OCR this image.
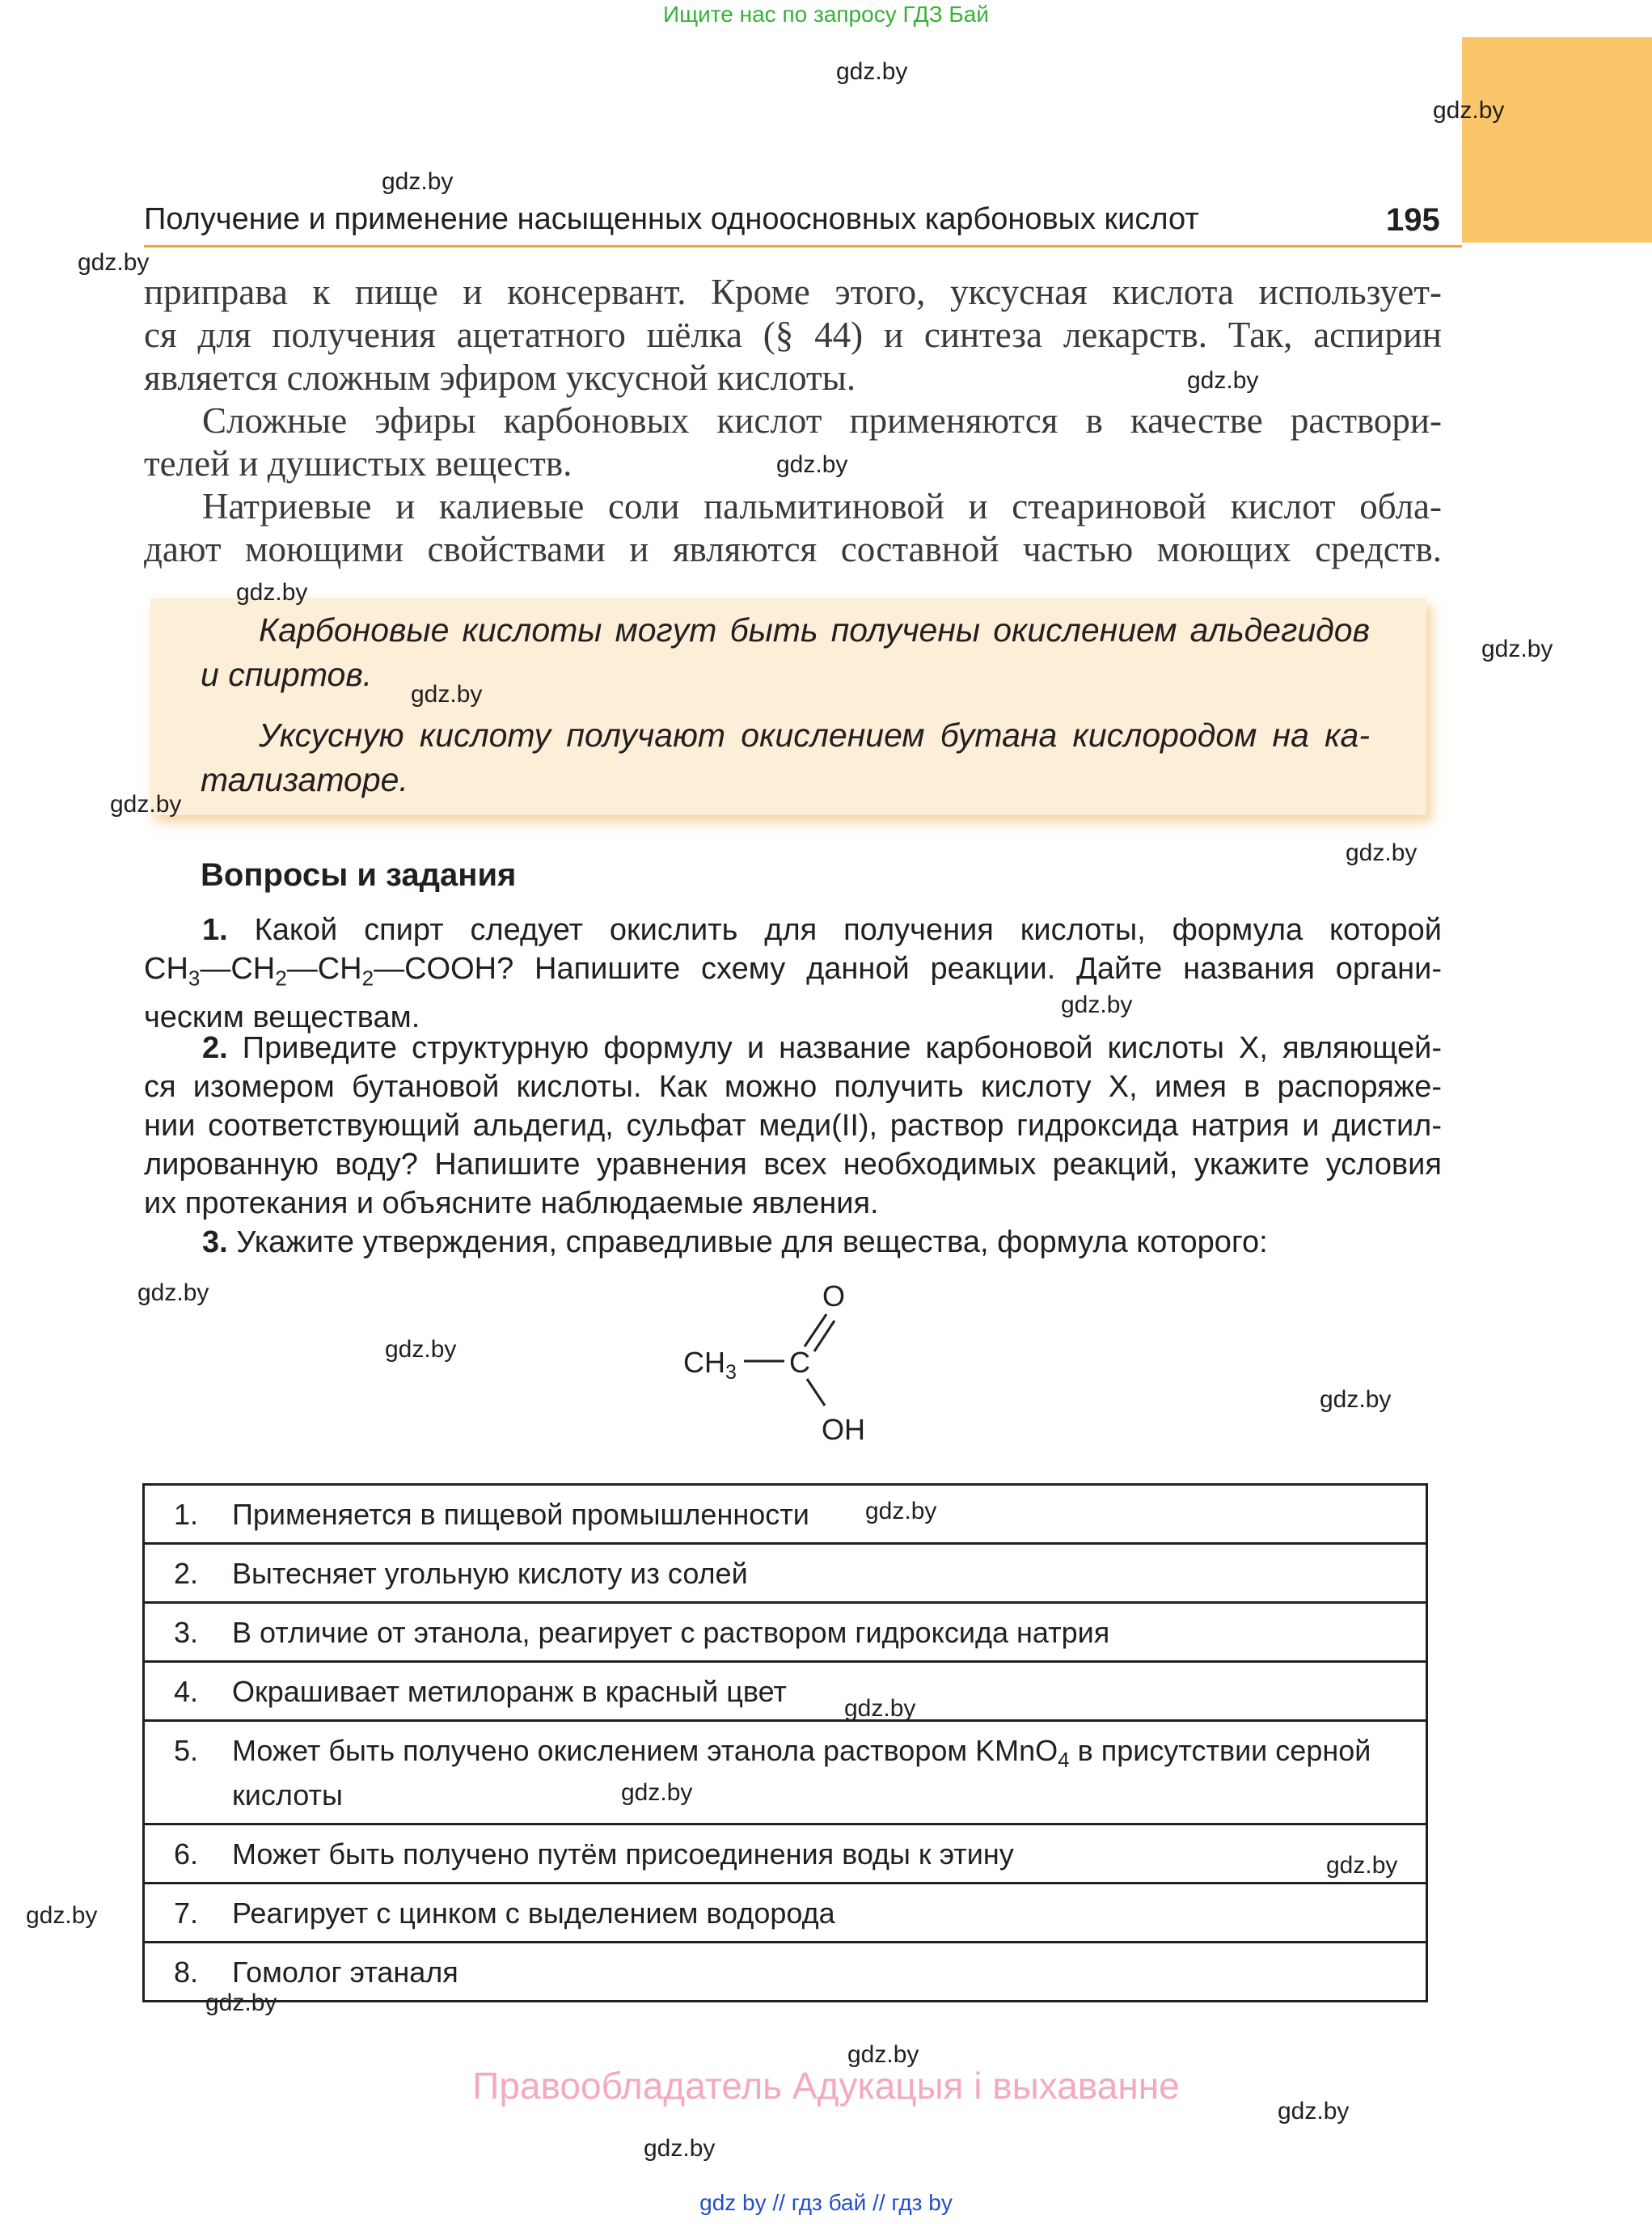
Ищите нас по запросу ГДЗ Бай
Получение и применение насыщенных одноосновных карбоновых кислот	195
приправа к пище и консервант. Кроме этого, уксусная кислота использует-
ся для получения ацетатного шёлка (§ 44) и синтеза лекарств. Так, аспирин
является сложным эфиром уксусной кислоты.
Сложные эфиры карбоновых кислот применяются в качестве раствори-
телей и душистых веществ.
Натриевые и калиевые соли пальмитиновой и стеариновой кислот обла-
дают моющими свойствами и являются составной частью моющих средств.
Карбоновые кислоты могут быть получены окислением альдегидов
и спиртов.
Уксусную кислоту получают окислением бутана кислородом на ка-
тализаторе.
Вопросы и задания
1. Какой спирт следует окислить для получения кислоты, формула которой
$CH_3—CH_2—CH_2—COOH$? Напишите схему данной реакции. Дайте названия органи-
ческим веществам.
2. Приведите структурную формулу и название карбоновой кислоты X, являющей-
ся изомером бутановой кислоты. Как можно получить кислоту X, имея в распоряже-
нии соответствующий альдегид, сульфат меди(II), раствор гидроксида натрия и дистил-
лированную воду? Напишите уравнения всех необходимых реакций, укажите условия
их протекания и объясните наблюдаемые явления.
3. Укажите утверждения, справедливые для вещества, формула которого:
$CH_3$ C
O
OH
1.	Применяется в пищевой промышленности
2.	Вытесняет угольную кислоту из солей
3.	В отличие от этанола, реагирует с раствором гидроксида натрия
4.	Окрашивает метилоранж в красный цвет
5.	Может быть получено окислением этанола раствором KMnO$_4$ в присутствии серной
кислоты
6.	Может быть получено путём присоединения воды к этину
7.	Реагирует с цинком с выделением водорода
8.	Гомолог этаналя
gdz.by
gdz.by
gdz.by
gdz.by
gdz.by
gdz.by
gdz.by
gdz.by
gdz.by
gdz.by
gdz.by
gdz.by
gdz.by
gdz.by
gdz.by
gdz.by
gdz.by
gdz.by
gdz.by
gdz.by
gdz.by
gdz.by
gdz.by
gdz.by
Правообладатель Адукацыя і выхаванне
gdz by // гдз бай // гдз by
